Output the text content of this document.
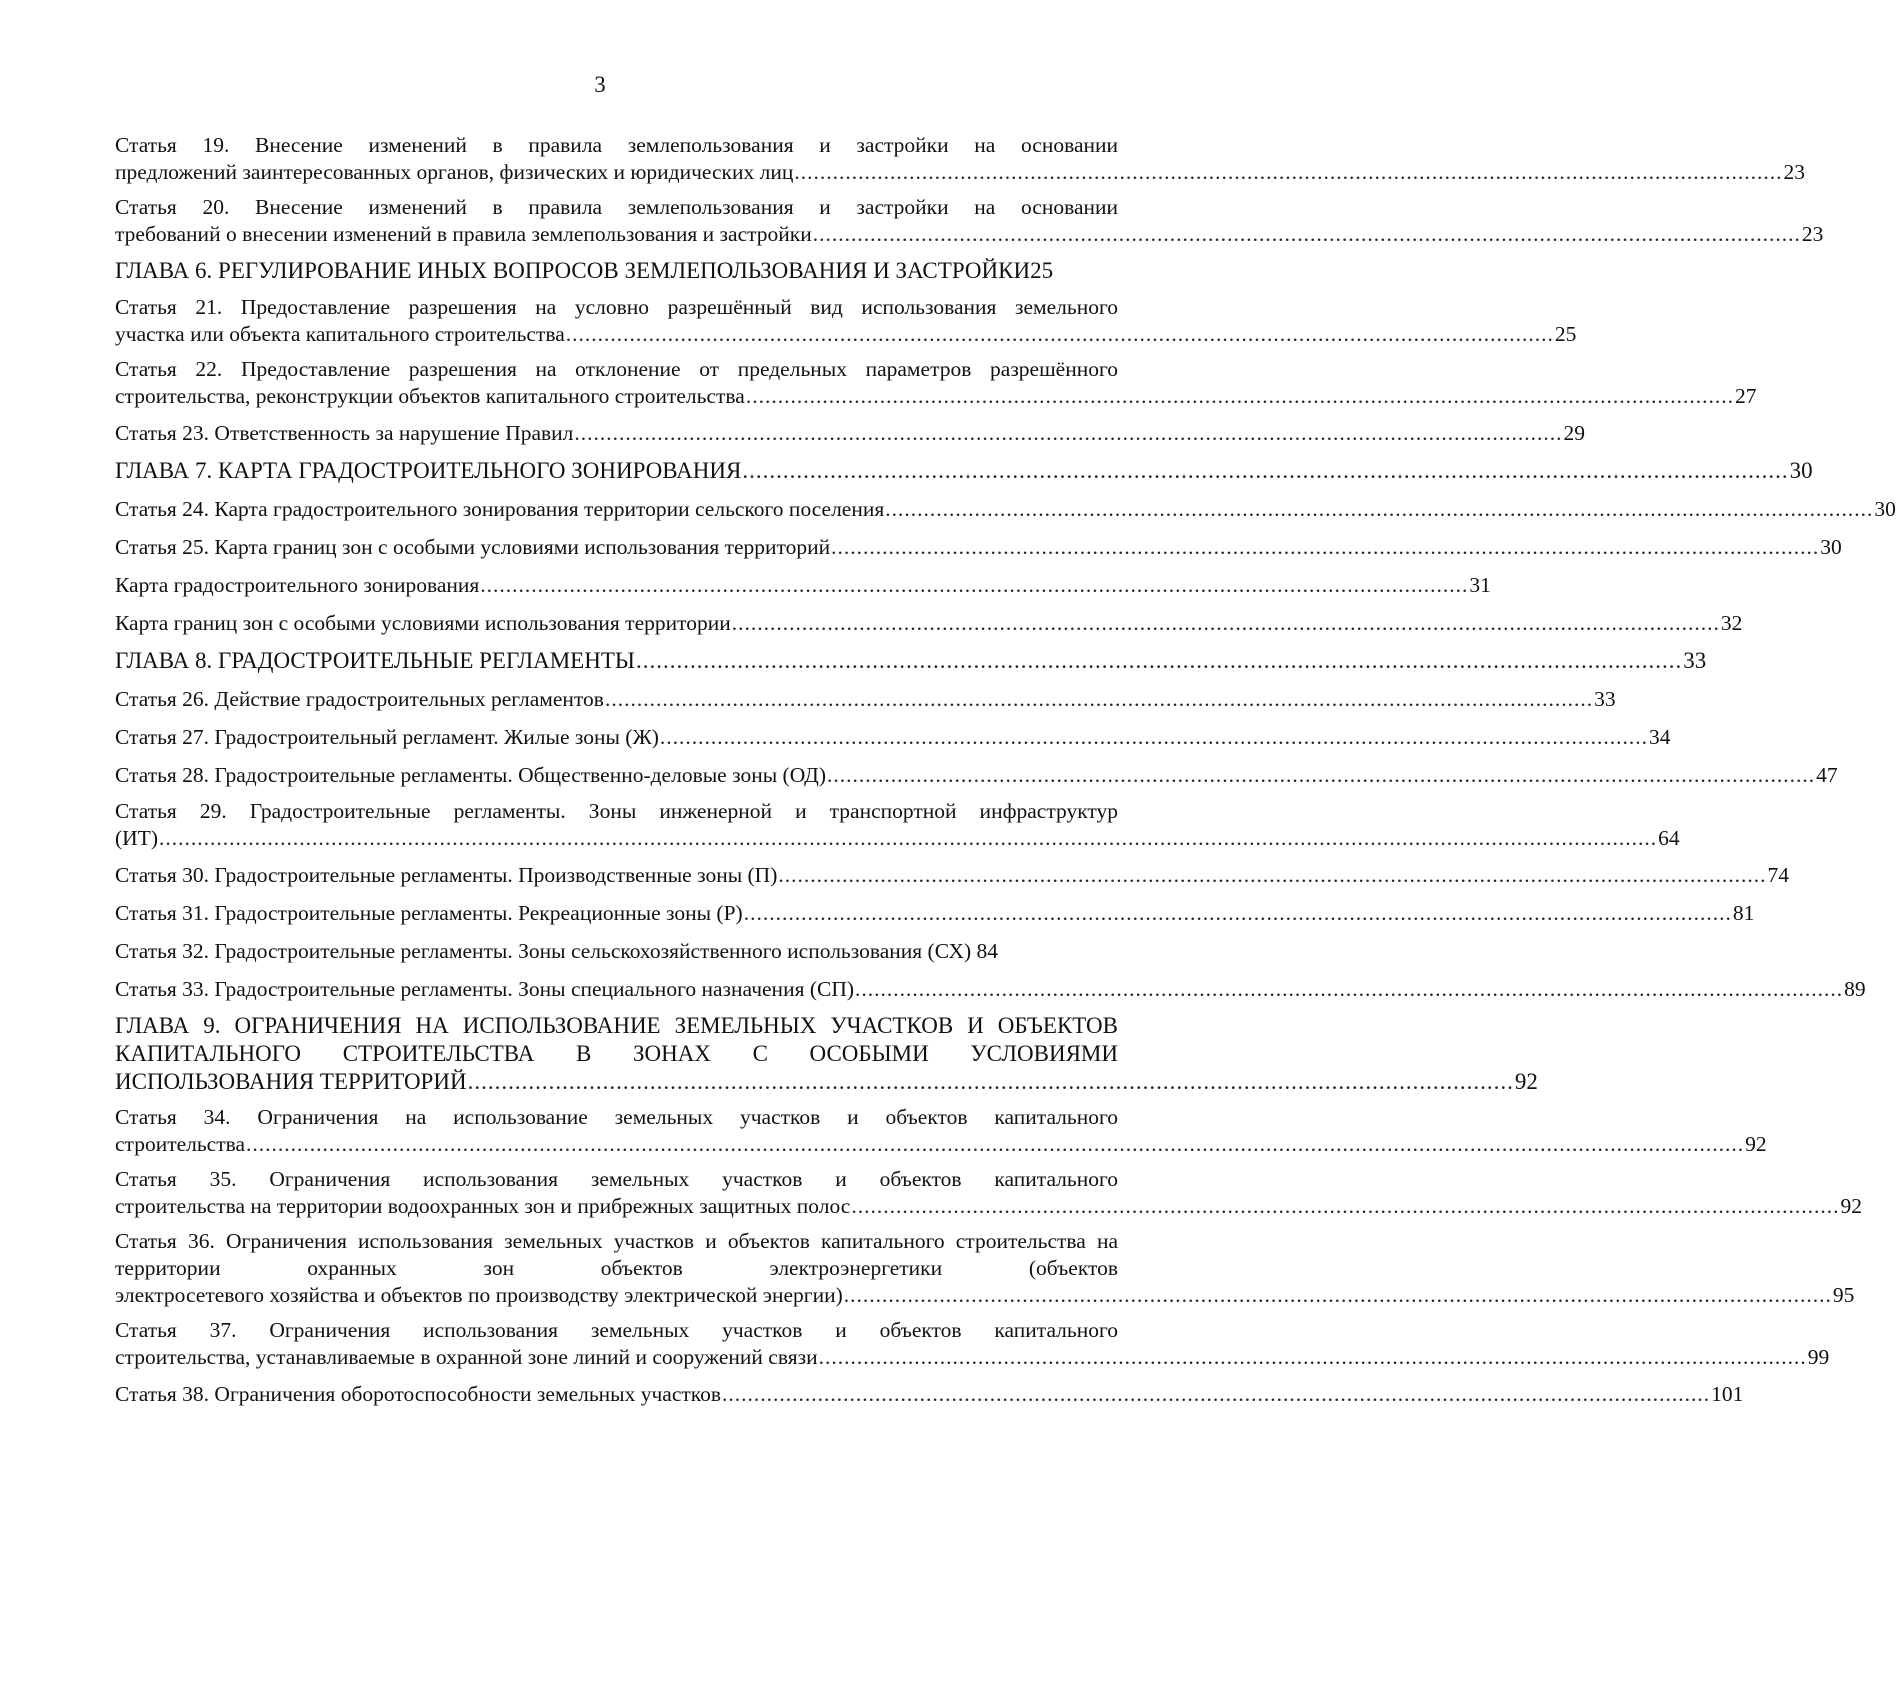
3
Статья 19. Внесение изменений в правила землепользования и застройки на основании
предложений заинтересованных органов, физических и юридических лиц ........................................................................................................................................................... 23
Статья 20. Внесение изменений в правила землепользования и застройки на основании
требований о внесении изменений в правила землепользования и застройки ........................................................................................................................................................... 23
ГЛАВА 6. РЕГУЛИРОВАНИЕ ИНЫХ ВОПРОСОВ ЗЕМЛЕПОЛЬЗОВАНИЯ И ЗАСТРОЙКИ 25
Статья 21. Предоставление разрешения на условно разрешённый вид использования земельного
участка или объекта капитального строительства ........................................................................................................................................................... 25
Статья 22. Предоставление разрешения на отклонение от предельных параметров разрешённого
строительства, реконструкции объектов капитального строительства ........................................................................................................................................................... 27
Статья 23. Ответственность за нарушение Правил ........................................................................................................................................................... 29
ГЛАВА 7. КАРТА ГРАДОСТРОИТЕЛЬНОГО ЗОНИРОВАНИЯ ........................................................................................................................................................... 30
Статья 24. Карта градостроительного зонирования территории сельского поселения ........................................................................................................................................................... 30
Статья 25. Карта границ зон с особыми условиями использования территорий ........................................................................................................................................................... 30
Карта градостроительного зонирования ........................................................................................................................................................... 31
Карта границ зон с особыми условиями использования территории ........................................................................................................................................................... 32
ГЛАВА 8. ГРАДОСТРОИТЕЛЬНЫЕ РЕГЛАМЕНТЫ ........................................................................................................................................................... 33
Статья 26. Действие градостроительных регламентов ........................................................................................................................................................... 33
Статья 27. Градостроительный регламент. Жилые зоны (Ж) ........................................................................................................................................................... 34
Статья 28. Градостроительные регламенты. Общественно-деловые зоны (ОД) ........................................................................................................................................................... 47
Статья 29. Градостроительные регламенты. Зоны инженерной и транспортной инфраструктур
(ИТ) ........................................................................................................................................................................................................................................... 64
Статья 30. Градостроительные регламенты. Производственные зоны (П) ........................................................................................................................................................... 74
Статья 31. Градостроительные регламенты. Рекреационные зоны (Р) ........................................................................................................................................................... 81
Статья 32. Градостроительные регламенты. Зоны сельскохозяйственного использования (СХ)
84
Статья 33. Градостроительные регламенты. Зоны специального назначения (СП) ........................................................................................................................................................... 89
ГЛАВА 9. ОГРАНИЧЕНИЯ НА ИСПОЛЬЗОВАНИЕ ЗЕМЕЛЬНЫХ УЧАСТКОВ И ОБЪЕКТОВ КАПИТАЛЬНОГО СТРОИТЕЛЬСТВА В ЗОНАХ С ОСОБЫМИ УСЛОВИЯМИ
ИСПОЛЬЗОВАНИЯ ТЕРРИТОРИЙ ........................................................................................................................................................... 92
Статья 34. Ограничения на использование земельных участков и объектов капитального
строительства ........................................................................................................................................................................................................................................... 92
Статья 35. Ограничения использования земельных участков и объектов капитального
строительства на территории водоохранных зон и прибрежных защитных полос ........................................................................................................................................................... 92
Статья 36. Ограничения использования земельных участков и объектов капитального строительства на территории охранных зон объектов электроэнергетики (объектов
электросетевого хозяйства и объектов по производству электрической энергии) ........................................................................................................................................................... 95
Статья 37. Ограничения использования земельных участков и объектов капитального
строительства, устанавливаемые в охранной зоне линий и сооружений связи ........................................................................................................................................................... 99
Статья 38. Ограничения оборотоспособности земельных участков ........................................................................................................................................................... 101
